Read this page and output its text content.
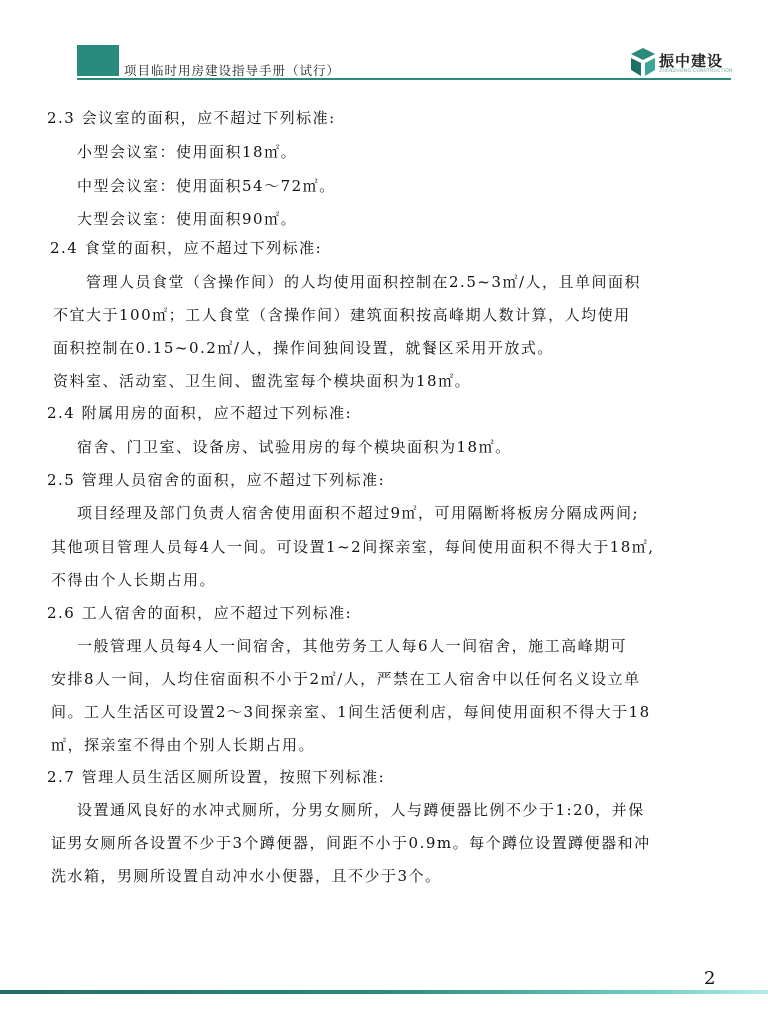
项目临时用房建设指导手册（试行）
振中建设
ZHENZHONG CONSTRUCTION
2.3 会议室的面积，应不超过下列标准:
小型会议室：使用面积18㎡。
中型会议室：使用面积54～72㎡。
大型会议室：使用面积90㎡。
2.4 食堂的面积，应不超过下列标准:
管理人员食堂（含操作间）的人均使用面积控制在2.5~3㎡/人，且单间面积
不宜大于100㎡；工人食堂（含操作间）建筑面积按高峰期人数计算，人均使用
面积控制在0.15~0.2㎡/人，操作间独间设置，就餐区采用开放式。
资料室、活动室、卫生间、盥洗室每个模块面积为18㎡。
2.4 附属用房的面积，应不超过下列标准:
宿舍、门卫室、设备房、试验用房的每个模块面积为18㎡。
2.5 管理人员宿舍的面积，应不超过下列标准:
项目经理及部门负责人宿舍使用面积不超过9㎡，可用隔断将板房分隔成两间;
其他项目管理人员每4人一间。可设置1~2间探亲室，每间使用面积不得大于18㎡,
不得由个人长期占用。
2.6 工人宿舍的面积，应不超过下列标准:
一般管理人员每4人一间宿舍，其他劳务工人每6人一间宿舍，施工高峰期可
安排8人一间，人均住宿面积不小于2㎡/人，严禁在工人宿舍中以任何名义设立单
间。工人生活区可设置2～3间探亲室、1间生活便利店，每间使用面积不得大于18
㎡，探亲室不得由个别人长期占用。
2.7 管理人员生活区厕所设置，按照下列标准:
设置通风良好的水冲式厕所，分男女厕所，人与蹲便器比例不少于1:20，并保
证男女厕所各设置不少于3个蹲便器，间距不小于0.9m。每个蹲位设置蹲便器和冲
洗水箱，男厕所设置自动冲水小便器，且不少于3个。
2
